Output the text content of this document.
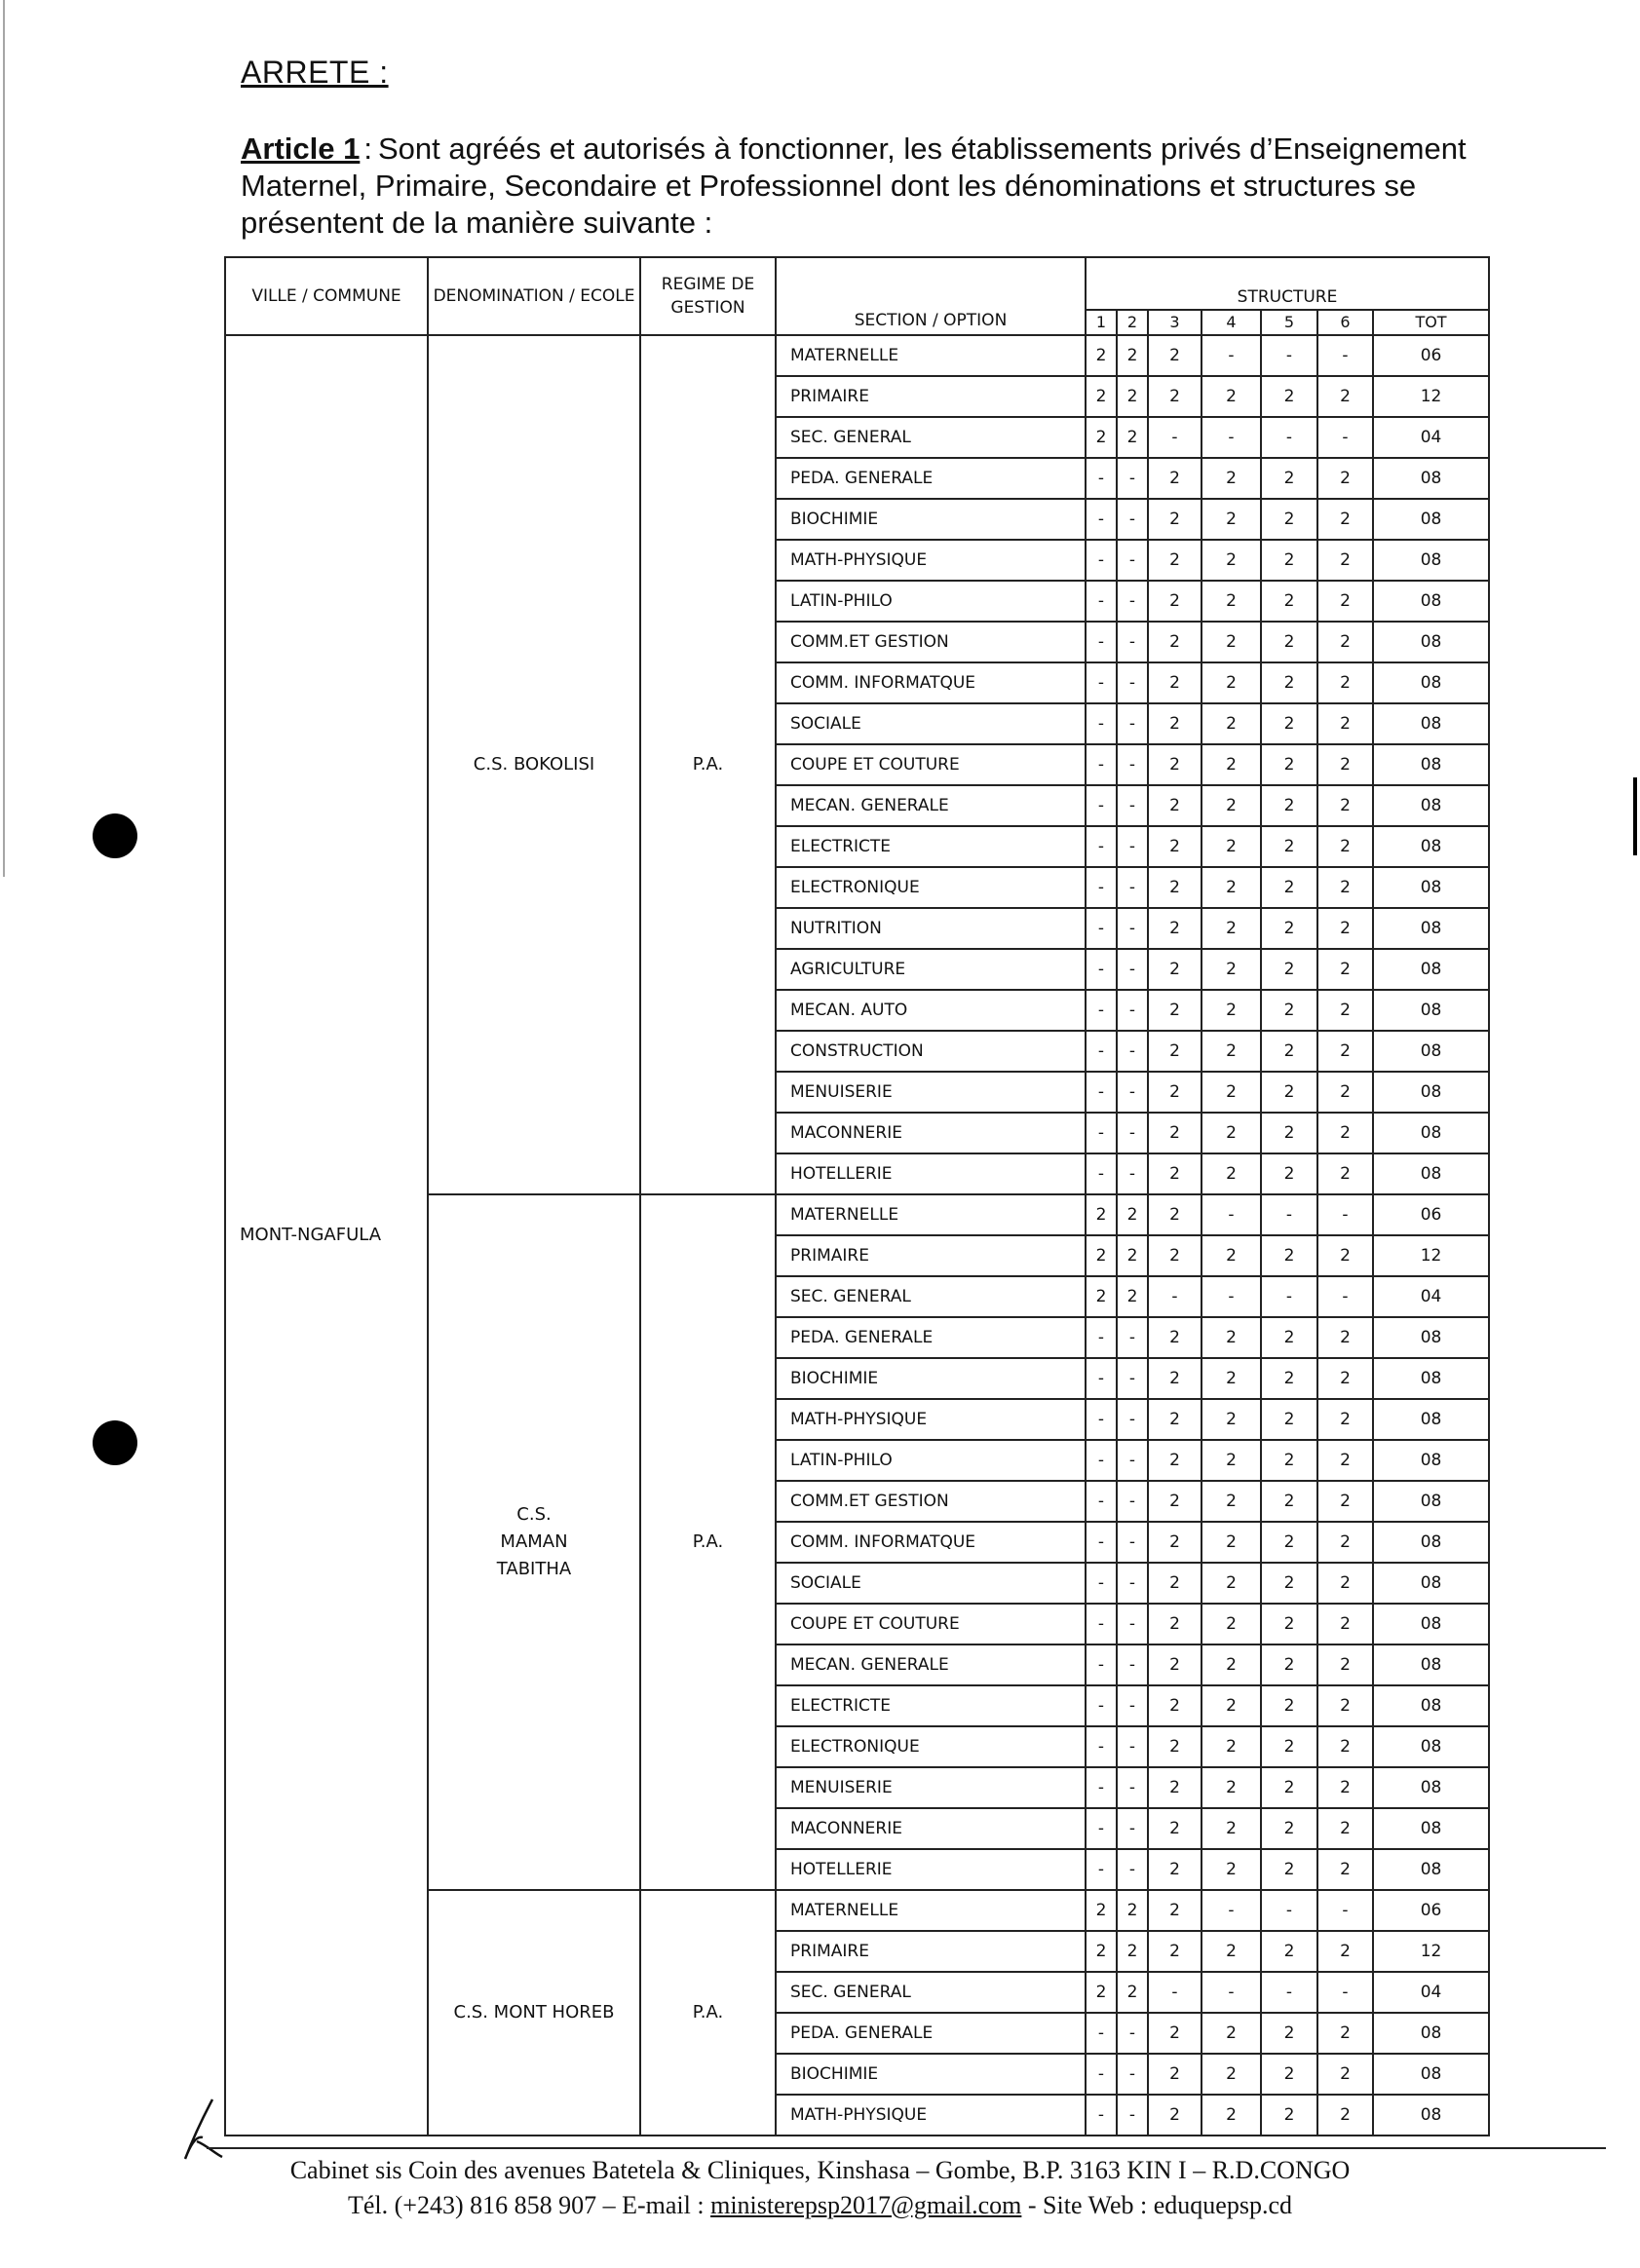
ARRETE :
Article 1 : Sont agréés et autorisés à fonctionner, les établissements privés d’Enseignement Maternel, Primaire, Secondaire et Professionnel dont les dénominations et structures se présentent de la manière suivante :
VILLE / COMMUNE	DENOMINATION / ECOLE	REGIME DE GESTION	SECTION / OPTION	STRUCTURE						
				1	2	3	4	5	6	TOT
MONT-NGAFULA	C.S. BOKOLISI	P.A.	MATERNELLE	2	2	2	-	-	-	06
			PRIMAIRE	2	2	2	2	2	2	12
			SEC. GENERAL	2	2	-	-	-	-	04
			PEDA. GENERALE	-	-	2	2	2	2	08
			BIOCHIMIE	-	-	2	2	2	2	08
			MATH-PHYSIQUE	-	-	2	2	2	2	08
			LATIN-PHILO	-	-	2	2	2	2	08
			COMM.ET GESTION	-	-	2	2	2	2	08
			COMM. INFORMATQUE	-	-	2	2	2	2	08
			SOCIALE	-	-	2	2	2	2	08
			COUPE ET COUTURE	-	-	2	2	2	2	08
			MECAN. GENERALE	-	-	2	2	2	2	08
			ELECTRICTE	-	-	2	2	2	2	08
			ELECTRONIQUE	-	-	2	2	2	2	08
			NUTRITION	-	-	2	2	2	2	08
			AGRICULTURE	-	-	2	2	2	2	08
			MECAN. AUTO	-	-	2	2	2	2	08
			CONSTRUCTION	-	-	2	2	2	2	08
			MENUISERIE	-	-	2	2	2	2	08
			MACONNERIE	-	-	2	2	2	2	08
			HOTELLERIE	-	-	2	2	2	2	08

	C.S.
MAMAN
TABITHA	P.A.	MATERNELLE	2	2	2	-	-	-	06
			PRIMAIRE	2	2	2	2	2	2	12
			SEC. GENERAL	2	2	-	-	-	-	04
			PEDA. GENERALE	-	-	2	2	2	2	08
			BIOCHIMIE	-	-	2	2	2	2	08
			MATH-PHYSIQUE	-	-	2	2	2	2	08
			LATIN-PHILO	-	-	2	2	2	2	08
			COMM.ET GESTION	-	-	2	2	2	2	08
			COMM. INFORMATQUE	-	-	2	2	2	2	08
			SOCIALE	-	-	2	2	2	2	08
			COUPE ET COUTURE	-	-	2	2	2	2	08
			MECAN. GENERALE	-	-	2	2	2	2	08
			ELECTRICTE	-	-	2	2	2	2	08
			ELECTRONIQUE	-	-	2	2	2	2	08
			MENUISERIE	-	-	2	2	2	2	08
			MACONNERIE	-	-	2	2	2	2	08
			HOTELLERIE	-	-	2	2	2	2	08
	C.S. MONT HOREB	P.A.	MATERNELLE	2	2	2	-	-	-	06
			PRIMAIRE	2	2	2	2	2	2	12
			SEC. GENERAL	2	2	-	-	-	-	04
			PEDA. GENERALE	-	-	2	2	2	2	08
			BIOCHIMIE	-	-	2	2	2	2	08
			MATH-PHYSIQUE	-	-	2	2	2	2	08
Cabinet sis Coin des avenues Batetela & Cliniques, Kinshasa – Gombe, B.P. 3163 KIN I – R.D.CONGO
Tél. (+243) 816 858 907 – E-mail : ministerepsp2017@gmail.com - Site Web : eduquepsp.cd
